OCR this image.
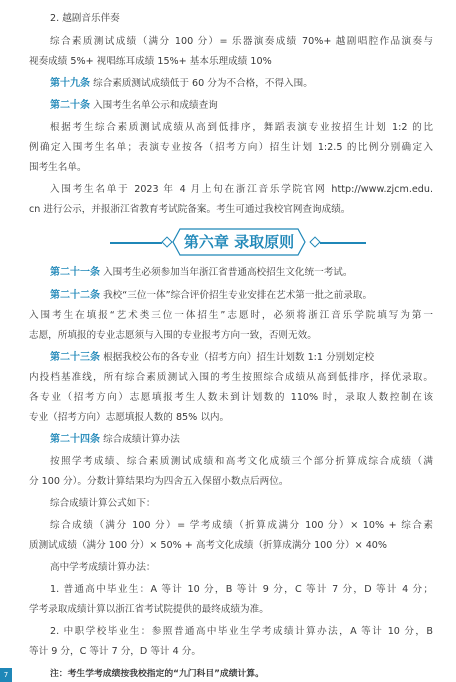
2. 越剧音乐伴奏
综合素质测试成绩（满分 100 分）= 乐器演奏成绩 70%+ 越剧唱腔作品演奏与
视奏成绩 5%+ 视唱练耳成绩 15%+ 基本乐理成绩 10%
第十九条 综合素质测试成绩低于 60 分为不合格，不得入围。
第二十条 入围考生名单公示和成绩查询
根据考生综合素质测试成绩从高到低排序，舞蹈表演专业按招生计划 1:2 的比
例确定入围考生名单；表演专业按各（招考方向）招生计划 1:2.5 的比例分别确定入
围考生名单。
入围考生名单于 2023 年 4 月上旬在浙江音乐学院官网 http://www.zjcm.edu.
cn 进行公示，并报浙江省教育考试院备案。考生可通过我校官网查询成绩。
第六章 录取原则
第二十一条 入围考生必须参加当年浙江省普通高校招生文化统一考试。
第二十二条 我校“三位一体”综合评价招生专业安排在艺术第一批之前录取。
入围考生在填报“艺术类三位一体招生”志愿时，必须将浙江音乐学院填写为第一
志愿，所填报的专业志愿须与入围的专业报考方向一致，否则无效。
第二十三条 根据我校公布的各专业（招考方向）招生计划数 1:1 分别划定校
内投档基准线，所有综合素质测试入围的考生按照综合成绩从高到低排序，择优录取。
各专业（招考方向）志愿填报考生人数未到计划数的 110% 时，录取人数控制在该
专业（招考方向）志愿填报人数的 85% 以内。
第二十四条 综合成绩计算办法
按照学考成绩、综合素质测试成绩和高考文化成绩三个部分折算成综合成绩（满
分 100 分）。分数计算结果均为四舍五入保留小数点后两位。
综合成绩计算公式如下：
综合成绩（满分 100 分）= 学考成绩（折算成满分 100 分）× 10% + 综合素
质测试成绩（满分 100 分）× 50% + 高考文化成绩（折算成满分 100 分）× 40%
高中学考成绩计算办法：
1. 普通高中毕业生：A 等计 10 分，B 等计 9 分，C 等计 7 分，D 等计 4 分；
学考录取成绩计算以浙江省考试院提供的最终成绩为准。
2. 中职学校毕业生：参照普通高中毕业生学考成绩计算办法，A 等计 10 分，B
等计 9 分，C 等计 7 分，D 等计 4 分。
注：考生学考成绩按我校指定的“九门科目”成绩计算。
7
